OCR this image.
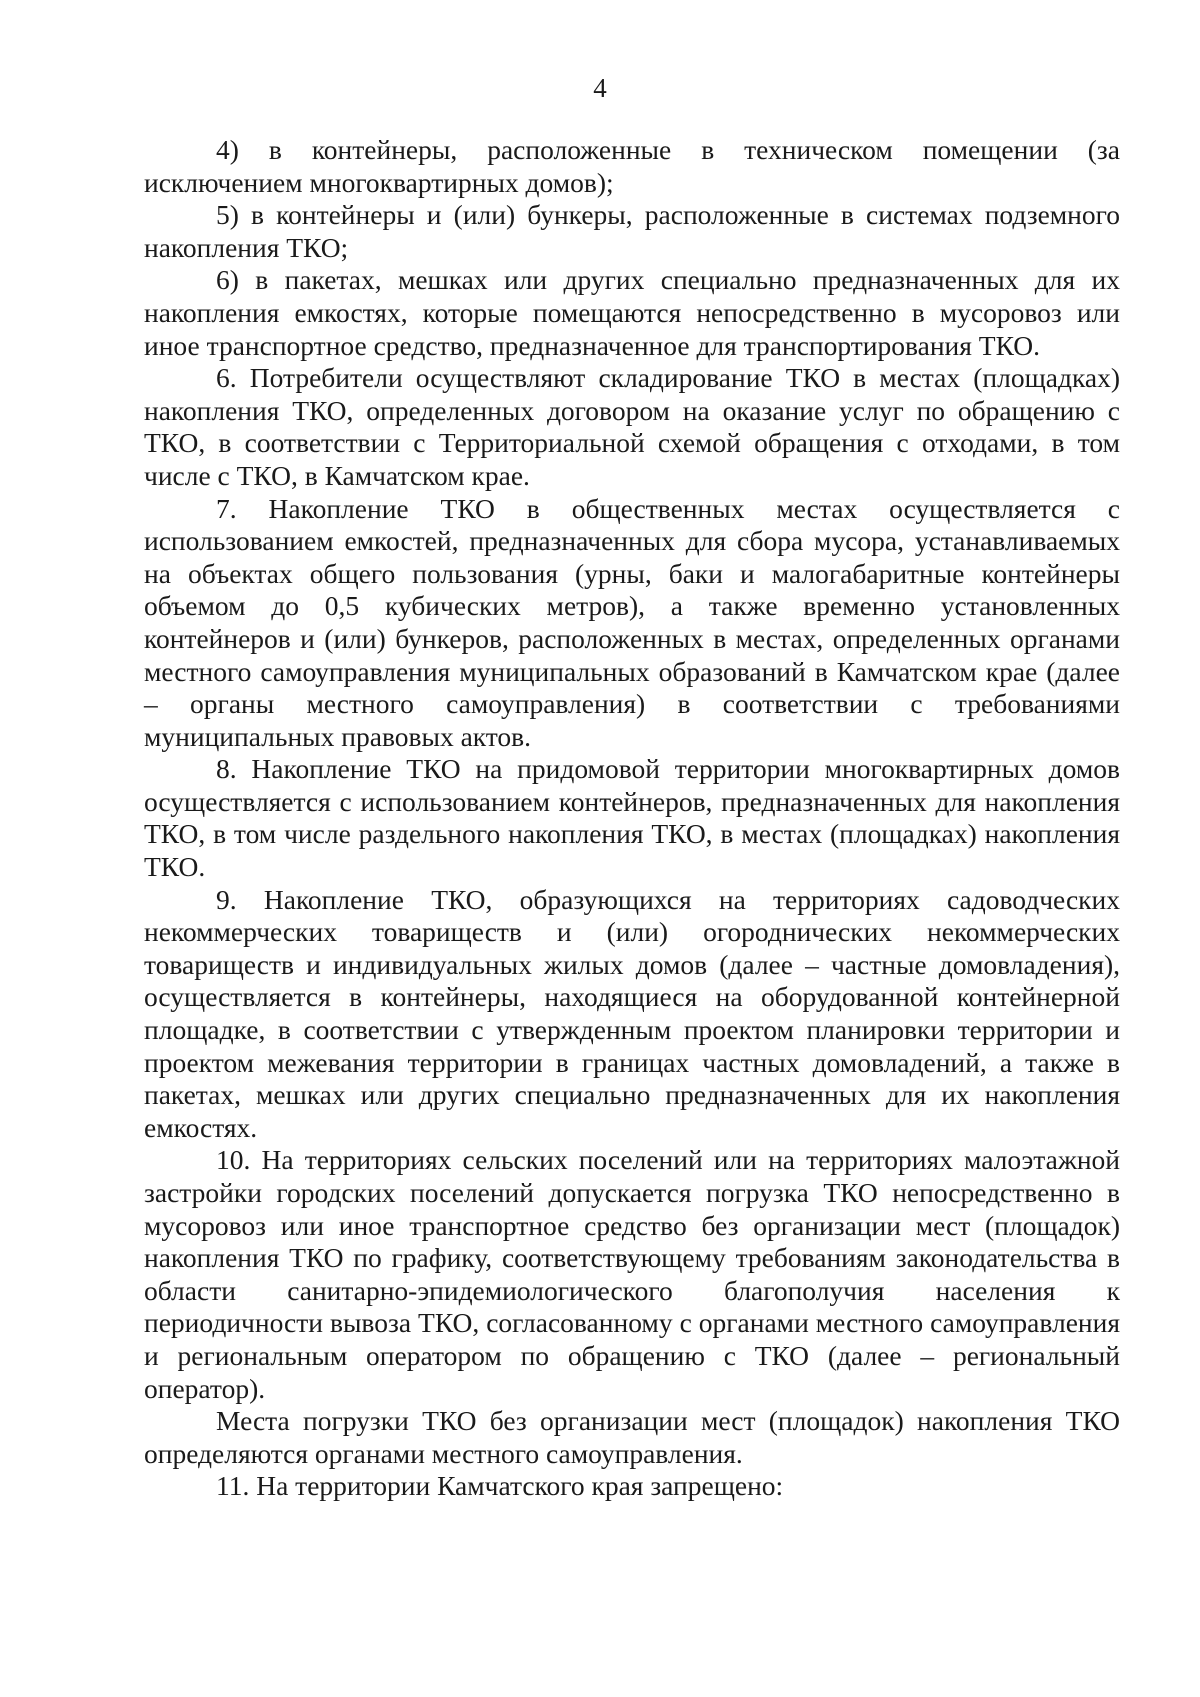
4

4) в контейнеры, расположенные в техническом помещении (за исключением многоквартирных домов);

5) в контейнеры и (или) бункеры, расположенные в системах подземного накопления ТКО;

6) в пакетах, мешках или других специально предназначенных для их накопления емкостях, которые помещаются непосредственно в мусоровоз или иное транспортное средство, предназначенное для транспортирования ТКО.

6. Потребители осуществляют складирование ТКО в местах (площадках) накопления ТКО, определенных договором на оказание услуг по обращению с ТКО, в соответствии с Территориальной схемой обращения с отходами, в том числе с ТКО, в Камчатском крае.

7. Накопление ТКО в общественных местах осуществляется с использованием емкостей, предназначенных для сбора мусора, устанавливаемых на объектах общего пользования (урны, баки и малогабаритные контейнеры объемом до 0,5 кубических метров), а также временно установленных контейнеров и (или) бункеров, расположенных в местах, определенных органами местного самоуправления муниципальных образований в Камчатском крае (далее – органы местного самоуправления) в соответствии с требованиями муниципальных правовых актов.

8. Накопление ТКО на придомовой территории многоквартирных домов осуществляется с использованием контейнеров, предназначенных для накопления ТКО, в том числе раздельного накопления ТКО, в местах (площадках) накопления ТКО.

9. Накопление ТКО, образующихся на территориях садоводческих некоммерческих товариществ и (или) огороднических некоммерческих товариществ и индивидуальных жилых домов (далее – частные домовладения), осуществляется в контейнеры, находящиеся на оборудованной контейнерной площадке, в соответствии с утвержденным проектом планировки территории и проектом межевания территории в границах частных домовладений, а также в пакетах, мешках или других специально предназначенных для их накопления емкостях.

10. На территориях сельских поселений или на территориях малоэтажной застройки городских поселений допускается погрузка ТКО непосредственно в мусоровоз или иное транспортное средство без организации мест (площадок) накопления ТКО по графику, соответствующему требованиям законодательства в области санитарно-эпидемиологического благополучия населения к периодичности вывоза ТКО, согласованному с органами местного самоуправления и региональным оператором по обращению с ТКО (далее – региональный оператор).

Места погрузки ТКО без организации мест (площадок) накопления ТКО определяются органами местного самоуправления.

11. На территории Камчатского края запрещено:
